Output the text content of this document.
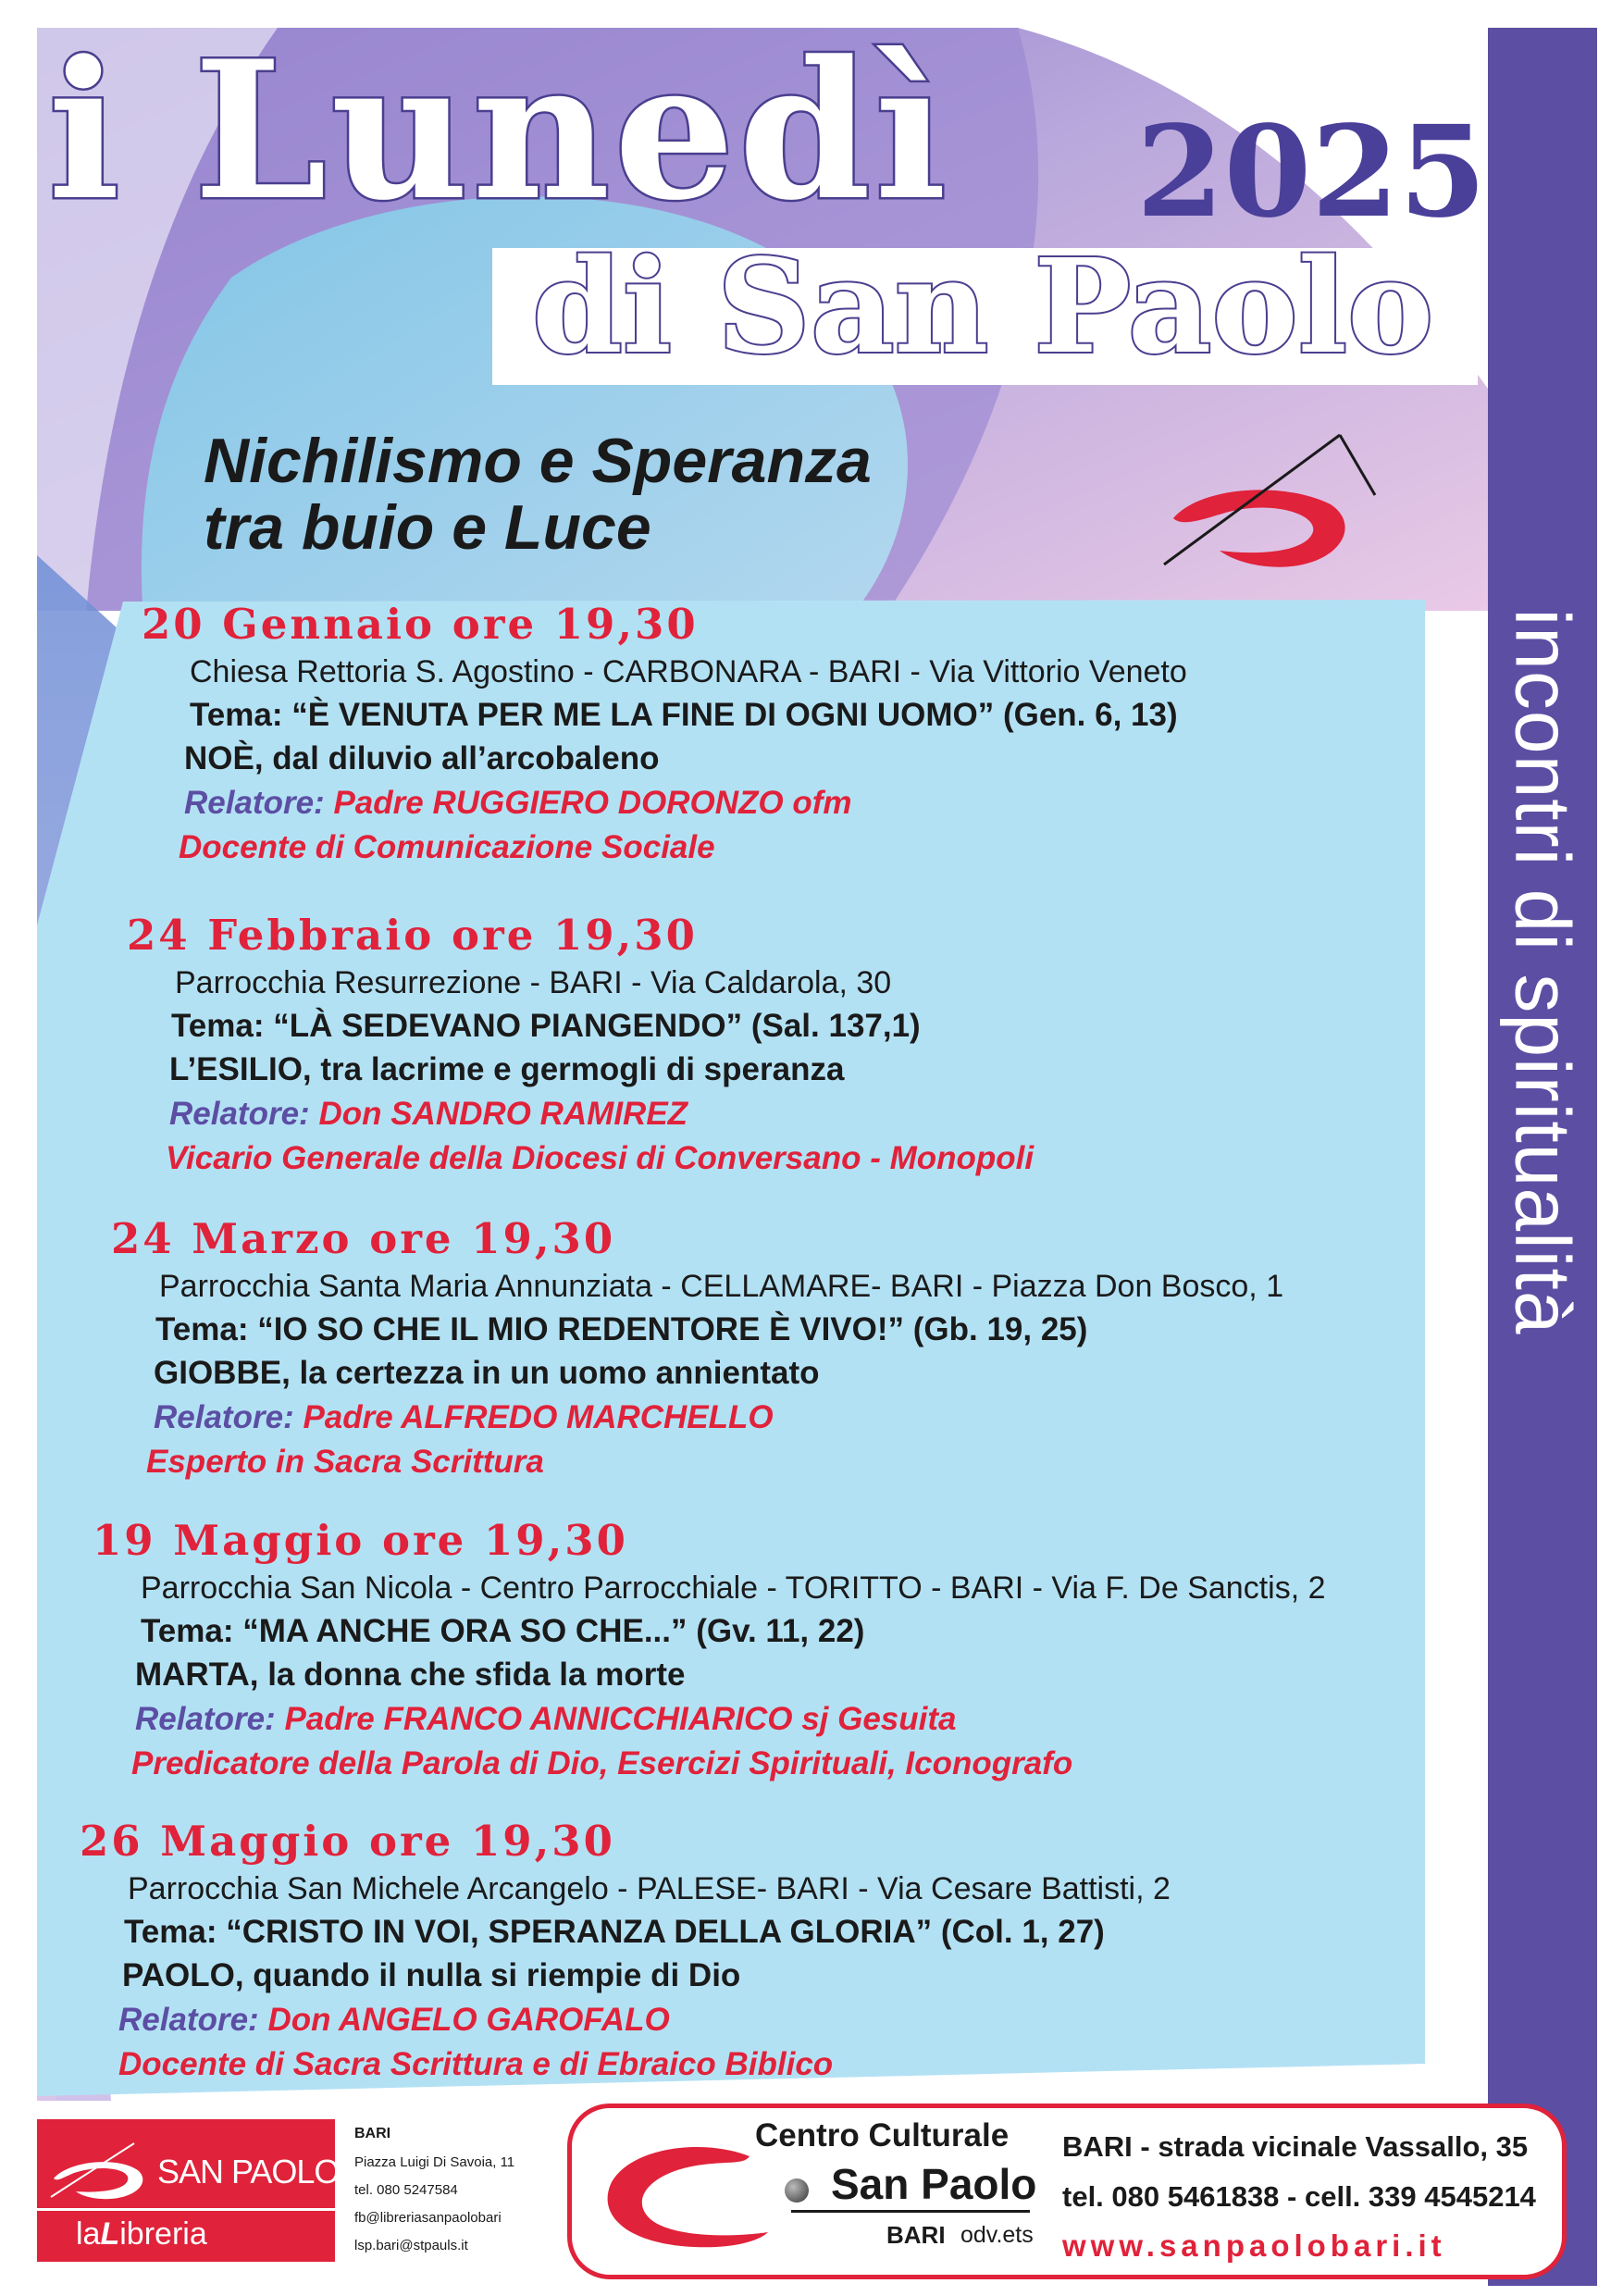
incontri di spiritualità
i Lunedì 2025
di San Paolo
Nichilismo e Speranza
tra buio e Luce
20 Gennaio ore 19,30
Chiesa Rettoria S. Agostino - CARBONARA - BARI - Via Vittorio Veneto
Tema: “È VENUTA PER ME LA FINE DI OGNI UOMO” (Gen. 6, 13)
NOÈ, dal diluvio all’arcobaleno
Relatore: Padre RUGGIERO DORONZO ofm
Docente di Comunicazione Sociale
24 Febbraio ore 19,30
Parrocchia Resurrezione - BARI - Via Caldarola, 30
Tema: “LÀ SEDEVANO PIANGENDO” (Sal. 137,1)
L’ESILIO, tra lacrime e germogli di speranza
Relatore: Don SANDRO RAMIREZ
Vicario Generale della Diocesi di Conversano - Monopoli
24 Marzo ore 19,30
Parrocchia Santa Maria Annunziata - CELLAMARE- BARI - Piazza Don Bosco, 1
Tema: “IO SO CHE IL MIO REDENTORE È VIVO!” (Gb. 19, 25)
GIOBBE, la certezza in un uomo annientato
Relatore: Padre ALFREDO MARCHELLO
Esperto in Sacra Scrittura
19 Maggio ore 19,30
Parrocchia San Nicola - Centro Parrocchiale - TORITTO - BARI - Via F. De Sanctis, 2
Tema: “MA ANCHE ORA SO CHE...” (Gv. 11, 22)
MARTA, la donna che sfida la morte
Relatore: Padre FRANCO ANNICCHIARICO sj Gesuita
Predicatore della Parola di Dio, Esercizi Spirituali, Iconografo
26 Maggio ore 19,30
Parrocchia San Michele Arcangelo - PALESE- BARI - Via Cesare Battisti, 2
Tema: “CRISTO IN VOI, SPERANZA DELLA GLORIA” (Col. 1, 27)
PAOLO, quando il nulla si riempie di Dio
Relatore: Don ANGELO GAROFALO
Docente di Sacra Scrittura e di Ebraico Biblico
SAN PAOLO
laLibreria
BARI
Piazza Luigi Di Savoia, 11
tel. 080 5247584
fb@libreriasanpaolobari
lsp.bari@stpauls.it
Centro Culturale
San Paolo
BARI odv.ets
BARI - strada vicinale Vassallo, 35
tel. 080 5461838 - cell. 339 4545214
www.sanpaolobari.it
